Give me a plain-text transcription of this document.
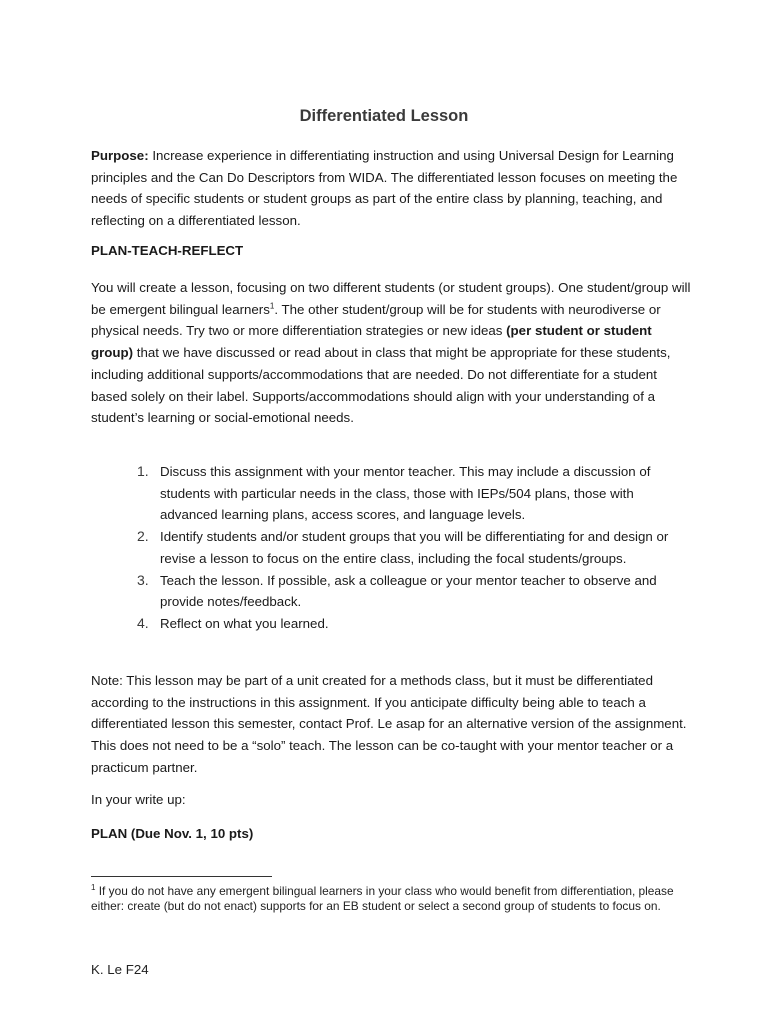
Differentiated Lesson
Purpose: Increase experience in differentiating instruction and using Universal Design for Learning principles and the Can Do Descriptors from WIDA. The differentiated lesson focuses on meeting the needs of specific students or student groups as part of the entire class by planning, teaching, and reflecting on a differentiated lesson.
PLAN-TEACH-REFLECT
You will create a lesson, focusing on two different students (or student groups). One student/group will be emergent bilingual learners$^1$. The other student/group will be for students with neurodiverse or physical needs. Try two or more differentiation strategies or new ideas (per student or student group) that we have discussed or read about in class that might be appropriate for these students, including additional supports/accommodations that are needed. Do not differentiate for a student based solely on their label. Supports/accommodations should align with your understanding of a student’s learning or social-emotional needs.
1. Discuss this assignment with your mentor teacher. This may include a discussion of students with particular needs in the class, those with IEPs/504 plans, those with advanced learning plans, access scores, and language levels.
2. Identify students and/or student groups that you will be differentiating for and design or revise a lesson to focus on the entire class, including the focal students/groups.
3. Teach the lesson. If possible, ask a colleague or your mentor teacher to observe and provide notes/feedback.
4. Reflect on what you learned.
Note: This lesson may be part of a unit created for a methods class, but it must be differentiated according to the instructions in this assignment. If you anticipate difficulty being able to teach a differentiated lesson this semester, contact Prof. Le asap for an alternative version of the assignment. This does not need to be a “solo” teach. The lesson can be co-taught with your mentor teacher or a practicum partner.
In your write up:
PLAN (Due Nov. 1, 10 pts)
$^1$ If you do not have any emergent bilingual learners in your class who would benefit from differentiation, please either: create (but do not enact) supports for an EB student or select a second group of students to focus on.
K. Le F24
